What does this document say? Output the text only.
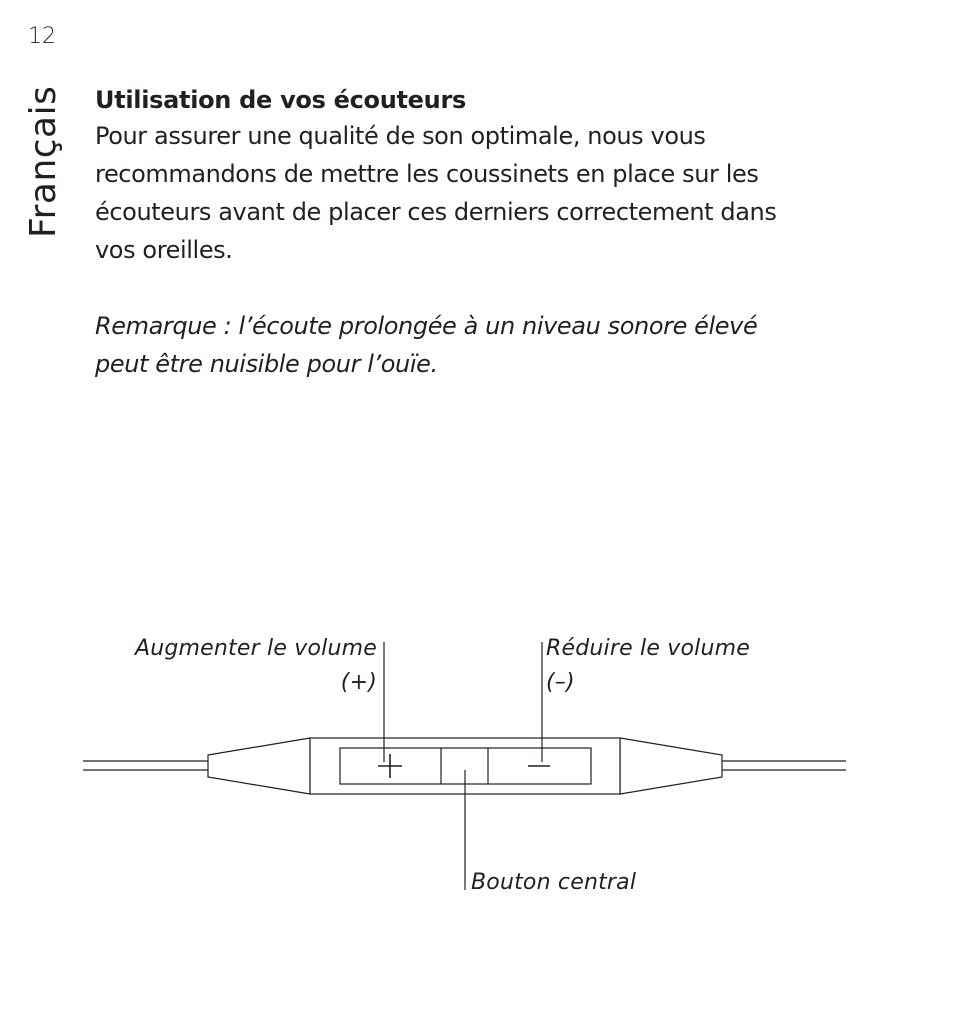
12
Français Utilisation de vos écouteurs

Pour assurer une qualité de son optimale, nous vous
recommandons de mettre les coussinets en place sur les
écouteurs avant de placer ces derniers correctement dans
vos oreilles.

Remarque : l’écoute prolongée à un niveau sonore élevé
peut être nuisible pour l’ouïe.

Augmenter le volume
(+)
Réduire le volume
(–)
Bouton central
